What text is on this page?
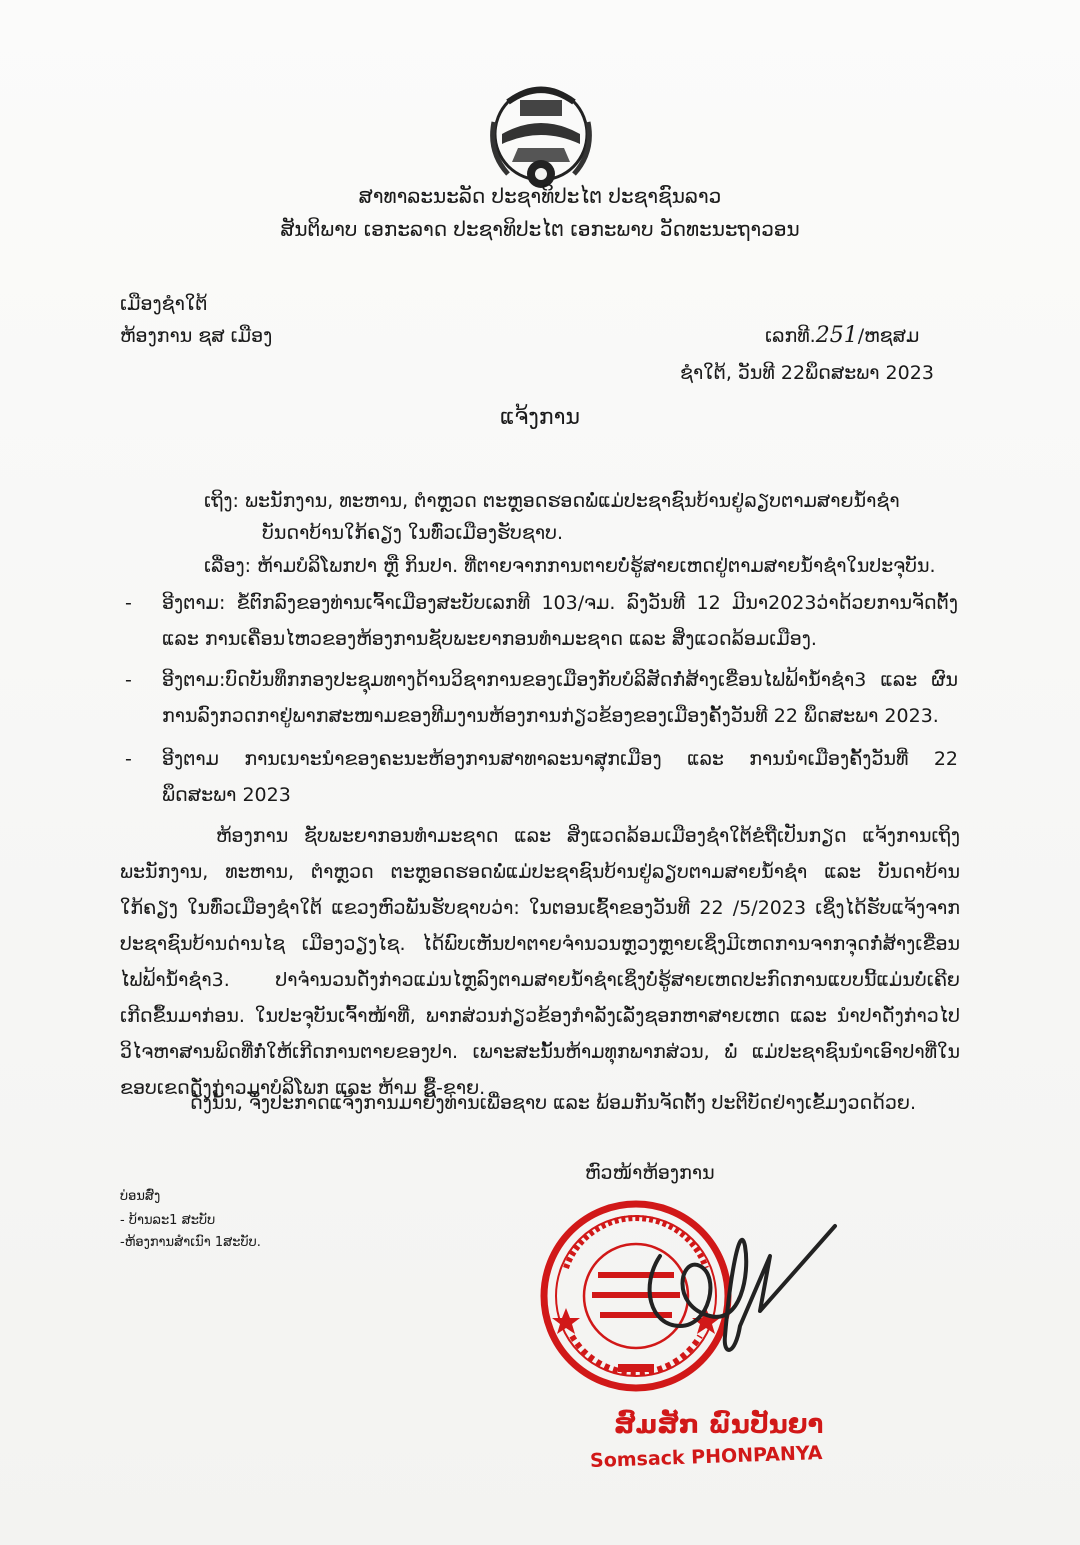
ສາທາລະນະລັດ ປະຊາທິປະໄຕ ປະຊາຊົນລາວ
ສັນຕິພາບ ເອກະລາດ ປະຊາທິປະໄຕ ເອກະພາບ ວັດທະນະຖາວອນ
ເມືອງຊຳໃຕ້
ຫ້ອງການ ຊສ ເມືອງ	ເລກທີ.251/ຫຊສມ
ຊຳໃຕ້, ວັນທີ 22ພຶດສະພາ 2023
ແຈ້ງການ
ເຖິງ: ພະນັກງານ, ທະຫານ, ຕຳຫຼວດ ຕະຫຼອດຮອດພໍ່ແມ່ປະຊາຊົນບ້ານຢູ່ລຽບຕາມສາຍນ້ຳຊຳ
ບັນດາບ້ານໃກ້ຄຽງ ໃນທົ່ວເມືອງຮັບຊາບ.
ເລື່ອງ: ຫ້າມບໍລິໂພກປາ ຫຼື ກິນປາ. ທີ່ຕາຍຈາກການຕາຍບໍ່ຮູ້ສາຍເຫດຢູ່ຕາມສາຍນ້ຳຊຳໃນປະຈຸບັນ.
- ອີງຕາມ: ຂໍ້ຕົກລົງຂອງທ່ານເຈົ້າເມືອງສະບັບເລກທີ 103/ຈມ. ລົງວັນທີ 12 ມີນາ2023ວ່າດ້ວຍການຈັດຕັ້ງ ແລະ ການເຄື່ອນໄຫວຂອງຫ້ອງການຊັບພະຍາກອນທຳມະຊາດ ແລະ ສິ່ງແວດລ້ອມເມືອງ.
- ອີງຕາມ:ບົດບັນທຶກກອງປະຊຸມທາງດ້ານວິຊາການຂອງເມືອງກັບບໍລິສັດກໍ່ສ້າງເຂື່ອນໄຟຟ້ານ້ຳຊຳ3 ແລະ ຜົນການລົງກວດກາຢູ່ພາກສະໜາມຂອງທີມງານຫ້ອງການກ່ຽວຂ້ອງຂອງເມືອງຄັ້ງວັນທີ 22 ພຶດສະພາ 2023.
- ອີງຕາມ ການເນາະນຳຂອງຄະນະຫ້ອງການສາທາລະນາສຸກເມືອງ ແລະ ການນຳເມືອງຄັ້ງວັນທີ່ 22 ພຶດສະພາ 2023
ຫ້ອງການ ຊັບພະຍາກອນທຳມະຊາດ ແລະ ສິ່ງແວດລ້ອມເມືອງຊຳໃຕ້ຂໍຖືເປັນກຽດ ແຈ້ງການເຖິງພະນັກງານ, ທະຫານ, ຕຳຫຼວດ ຕະຫຼອດຮອດພໍ່ແມ່ປະຊາຊົນບ້ານຢູ່ລຽບຕາມສາຍນ້ຳຊຳ ແລະ ບັນດາບ້ານໃກ້ຄຽງ ໃນທົ່ວເມືອງຊຳໃຕ້ ແຂວງຫົວພັນຮັບຊາບວ່າ: ໃນຕອນເຊົ້າຂອງວັນທີ 22 /5/2023 ເຊິ່ງໄດ້ຮັບແຈ້ງຈາກປະຊາຊົນບ້ານດ່ານໄຊ ເມືອງວຽງໄຊ. ໄດ້ພົບເຫັນປາຕາຍຈຳນວນຫຼວງຫຼາຍເຊິ່ງມີເຫດການຈາກຈຸດກໍ່ສ້າງເຂື່ອນໄຟຟ້ານ້ຳຊຳ3. ປາຈຳນວນດັ່ງກ່າວແມ່ນໄຫຼລົງຕາມສາຍນ້ຳຊຳເຊິ່ງບໍ່ຮູ້ສາຍເຫດປະກົດການແບບນີ້ແມ່ນບໍ່ເຄີຍເກີດຂຶ້ນມາກ່ອນ. ໃນປະຈຸບັນເຈົ້າໜ້າທີ່, ພາກສ່ວນກ່ຽວຂ້ອງກຳລັງເລັ່ງຊອກຫາສາຍເຫດ ແລະ ນຳປາດັ່ງກ່າວໄປວິໄຈຫາສານພິດທີ່ກໍ່ໃຫ້ເກີດການຕາຍຂອງປາ. ເພາະສະນັ້ນຫ້າມທຸກພາກສ່ວນ, ພໍ່ ແມ່ປະຊາຊົນນຳເອົາປາທີ່ໃນຂອບເຂດດັ່ງກ່າວມາບໍລິໂພກ ແລະ ຫ້າມ ຊື້-ຂາຍ.
ດັ່ງນັ້ນ, ຈຶ່ງປະກາດແຈ້ງການມາຍັງທ່ານເພື່ອຊາບ ແລະ ພ້ອມກັນຈັດຕັ້ງ ປະຕິບັດຢ່າງເຂັ້ມງວດດ້ວຍ.
ຫົວໜ້າຫ້ອງການ
ບ່ອນສົ່ງ
- ບ້ານລະ1 ສະບັບ
-ຫ້ອງການສຳເນົາ 1ສະບັບ.
ສົມສັກ ພົນປັນຍາ
Somsack PHONPANYA
